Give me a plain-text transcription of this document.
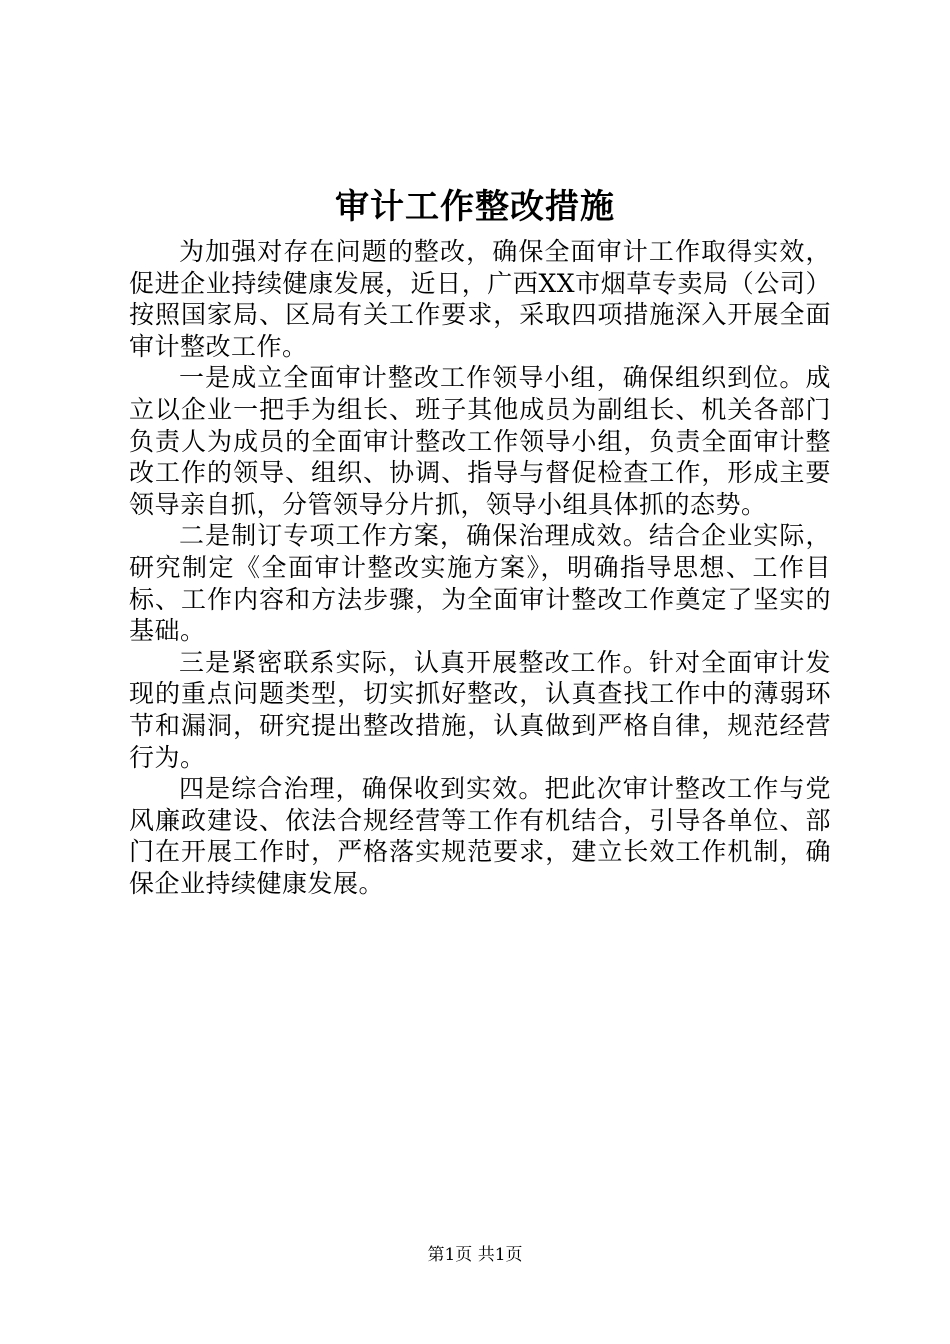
审计工作整改措施

为加强对存在问题的整改，确保全面审计工作取得实效，促进企业持续健康发展，近日，广西XX市烟草专卖局（公司）按照国家局、区局有关工作要求，采取四项措施深入开展全面审计整改工作。

一是成立全面审计整改工作领导小组，确保组织到位。成立以企业一把手为组长、班子其他成员为副组长、机关各部门负责人为成员的全面审计整改工作领导小组，负责全面审计整改工作的领导、组织、协调、指导与督促检查工作，形成主要领导亲自抓，分管领导分片抓，领导小组具体抓的态势。

二是制订专项工作方案，确保治理成效。结合企业实际，研究制定《全面审计整改实施方案》，明确指导思想、工作目标、工作内容和方法步骤，为全面审计整改工作奠定了坚实的基础。

三是紧密联系实际，认真开展整改工作。针对全面审计发现的重点问题类型，切实抓好整改，认真查找工作中的薄弱环节和漏洞，研究提出整改措施，认真做到严格自律，规范经营行为。

四是综合治理，确保收到实效。把此次审计整改工作与党风廉政建设、依法合规经营等工作有机结合，引导各单位、部门在开展工作时，严格落实规范要求，建立长效工作机制，确保企业持续健康发展。

第1页 共1页
